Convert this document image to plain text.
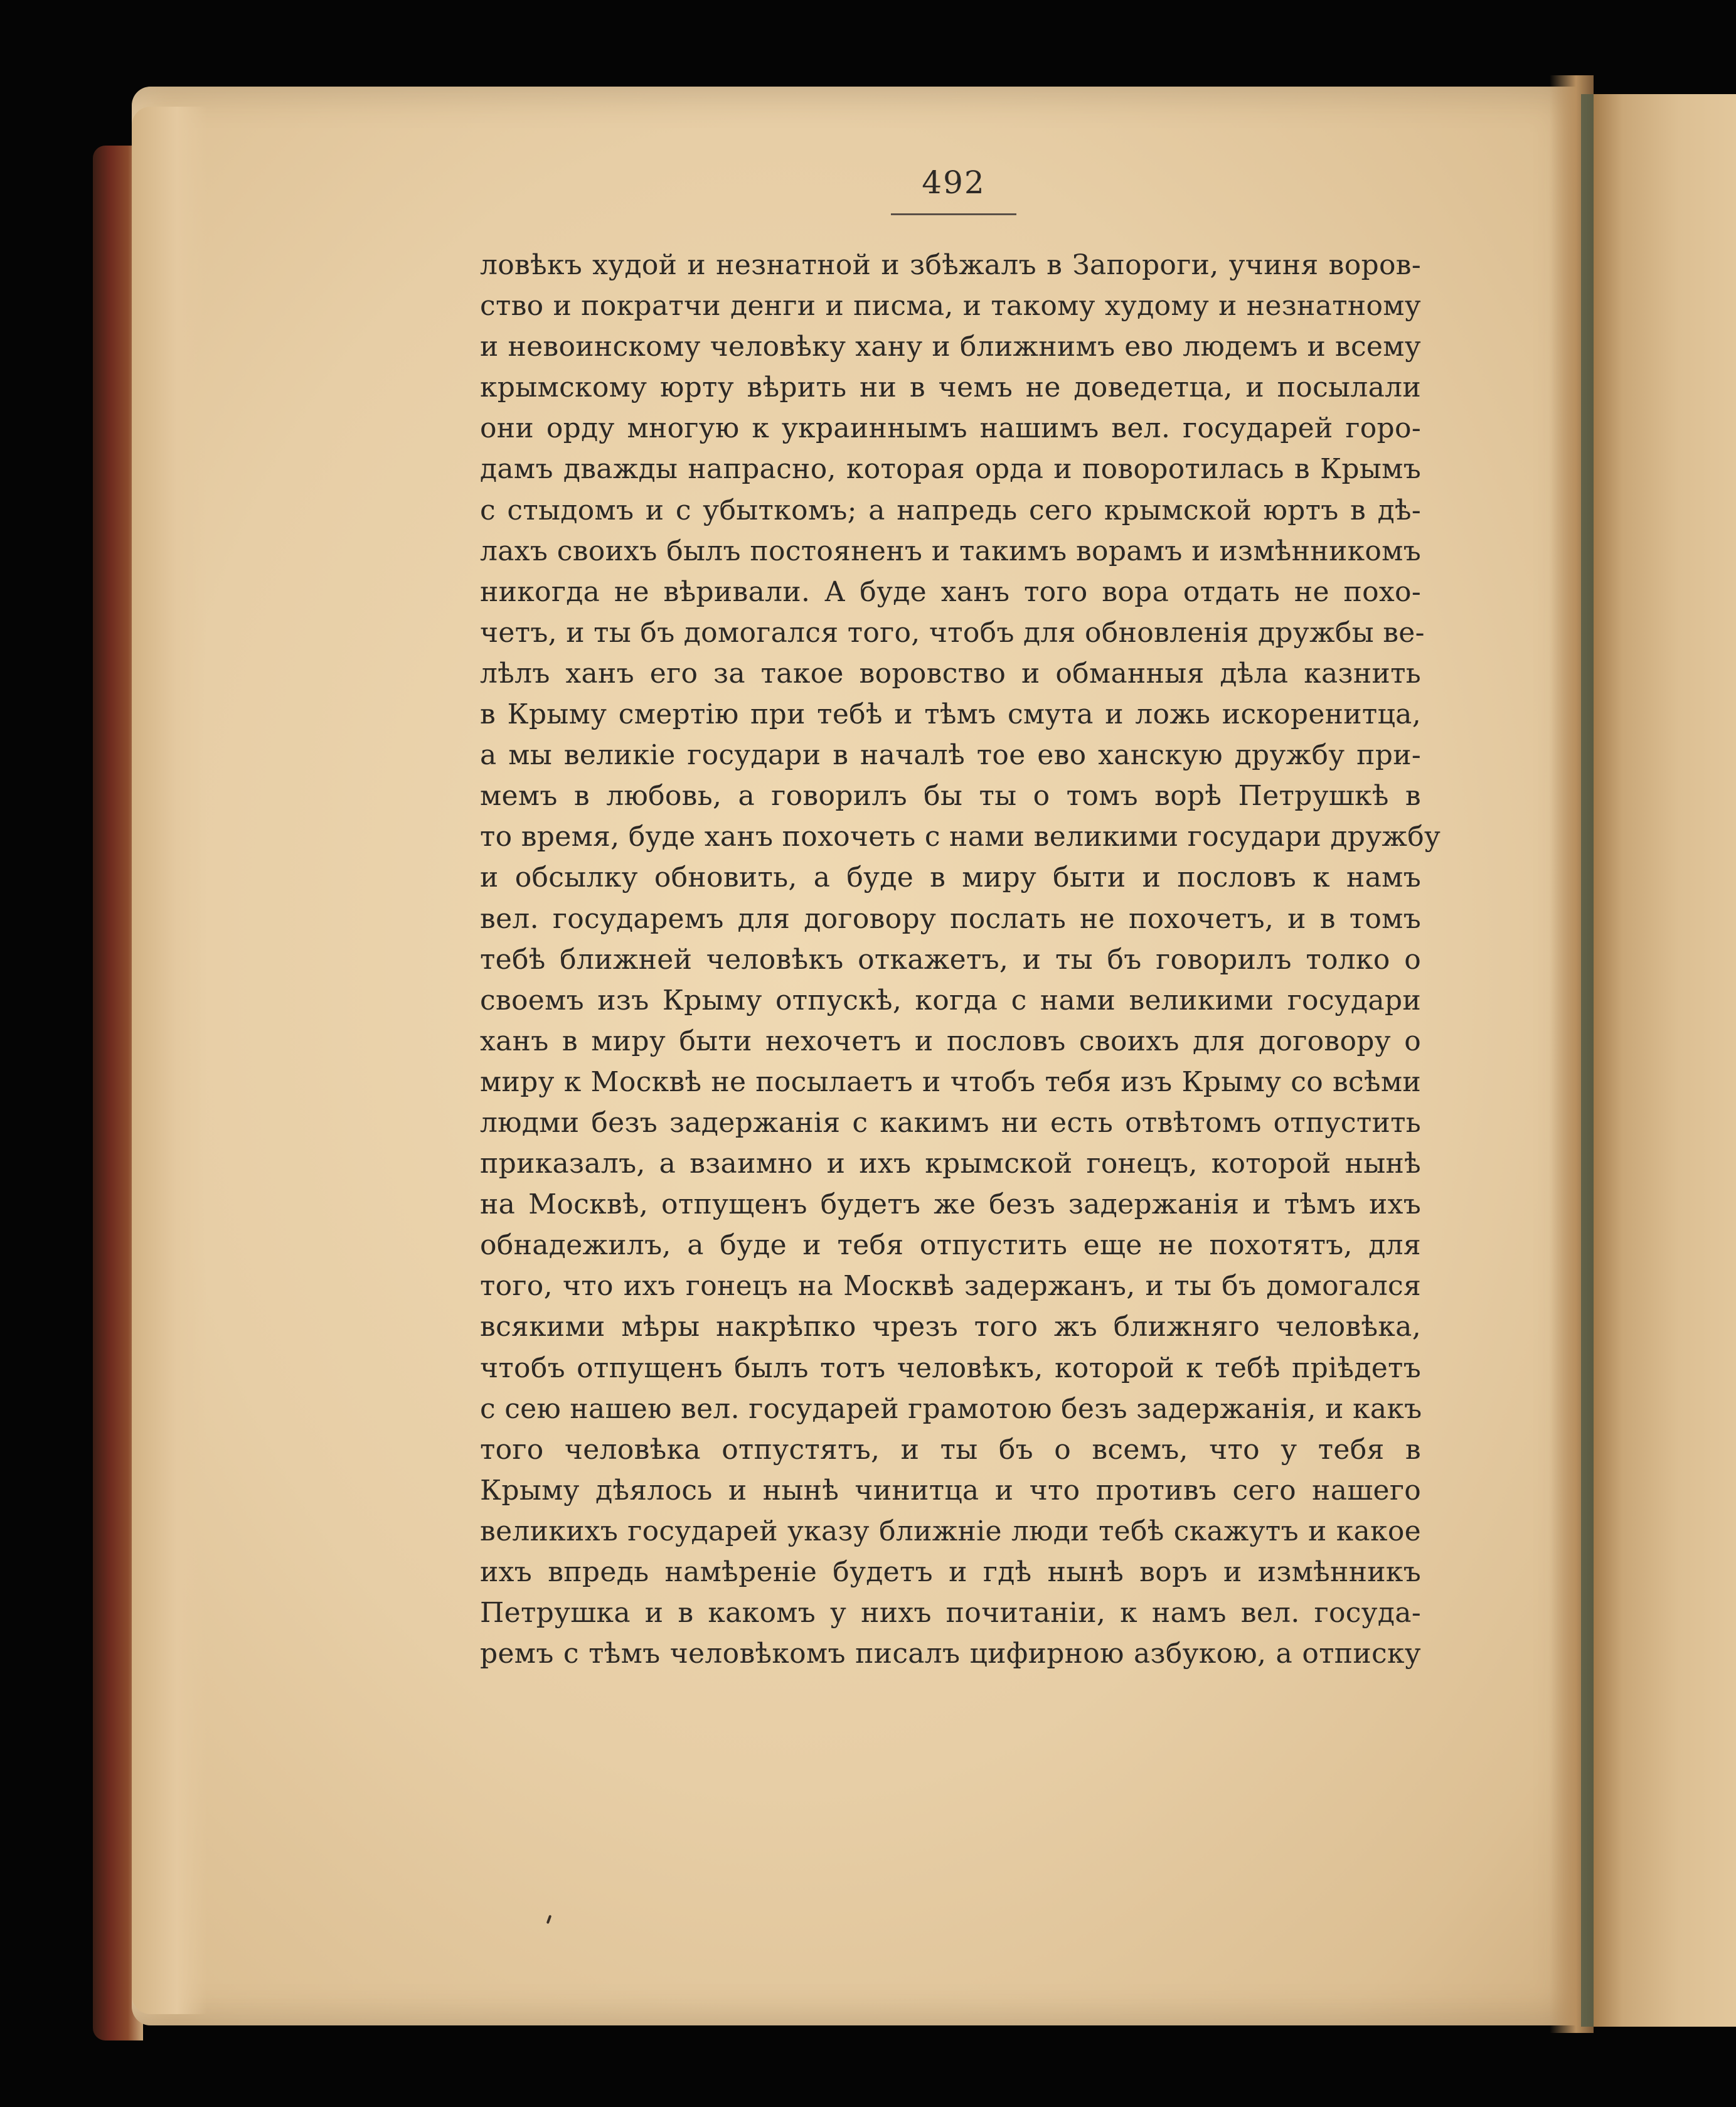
492
ловѣкъ худой и незнатной и збѣжалъ в Запороги, учиня воров-
ство и пократчи денги и писма, и такому худому и незнатному
и невоинскому человѣку хану и ближнимъ ево людемъ и всему
крымскому юрту вѣрить ни в чемъ не доведетца, и посылали
они орду многую к украиннымъ нашимъ вел. государей горо-
дамъ дважды напрасно, которая орда и поворотилась в Крымъ
с стыдомъ и с убыткомъ; а напредь сего крымской юртъ в дѣ-
лахъ своихъ былъ постояненъ и такимъ ворамъ и измѣнникомъ
никогда не вѣривали. А буде ханъ того вора отдать не похо-
четъ, и ты бъ домогался того, чтобъ для обновленія дружбы ве-
лѣлъ ханъ его за такое воровство и обманныя дѣла казнить
в Крыму смертію при тебѣ и тѣмъ смута и ложь искоренитца,
а мы великіе государи в началѣ тое ево ханскую дружбу при-
мемъ в любовь, а говорилъ бы ты о томъ ворѣ Петрушкѣ в
то время, буде ханъ похочеть с нами великими государи дружбу
и обсылку обновить, а буде в миру быти и пословъ к намъ
вел. государемъ для договору послать не похочетъ, и в томъ
тебѣ ближней человѣкъ откажетъ, и ты бъ говорилъ толко о
своемъ изъ Крыму отпускѣ, когда с нами великими государи
ханъ в миру быти нехочетъ и пословъ своихъ для договору о
миру к Москвѣ не посылаетъ и чтобъ тебя изъ Крыму со всѣми
людми безъ задержанія с какимъ ни есть отвѣтомъ отпустить
приказалъ, а взаимно и ихъ крымской гонецъ, которой нынѣ
на Москвѣ, отпущенъ будетъ же безъ задержанія и тѣмъ ихъ
обнадежилъ, а буде и тебя отпустить еще не похотятъ, для
того, что ихъ гонецъ на Москвѣ задержанъ, и ты бъ домогался
всякими мѣры накрѣпко чрезъ того жъ ближняго человѣка,
чтобъ отпущенъ былъ тотъ человѣкъ, которой к тебѣ пріѣдетъ
с сею нашею вел. государей грамотою безъ задержанія, и какъ
того человѣка отпустятъ, и ты бъ о всемъ, что у тебя в
Крыму дѣялось и нынѣ чинитца и что противъ сего нашего
великихъ государей указу ближніе люди тебѣ скажутъ и какое
ихъ впредь намѣреніе будетъ и гдѣ нынѣ воръ и измѣнникъ
Петрушка и в какомъ у нихъ почитаніи, к намъ вел. госуда-
ремъ с тѣмъ человѣкомъ писалъ цифирною азбукою, а отписку
